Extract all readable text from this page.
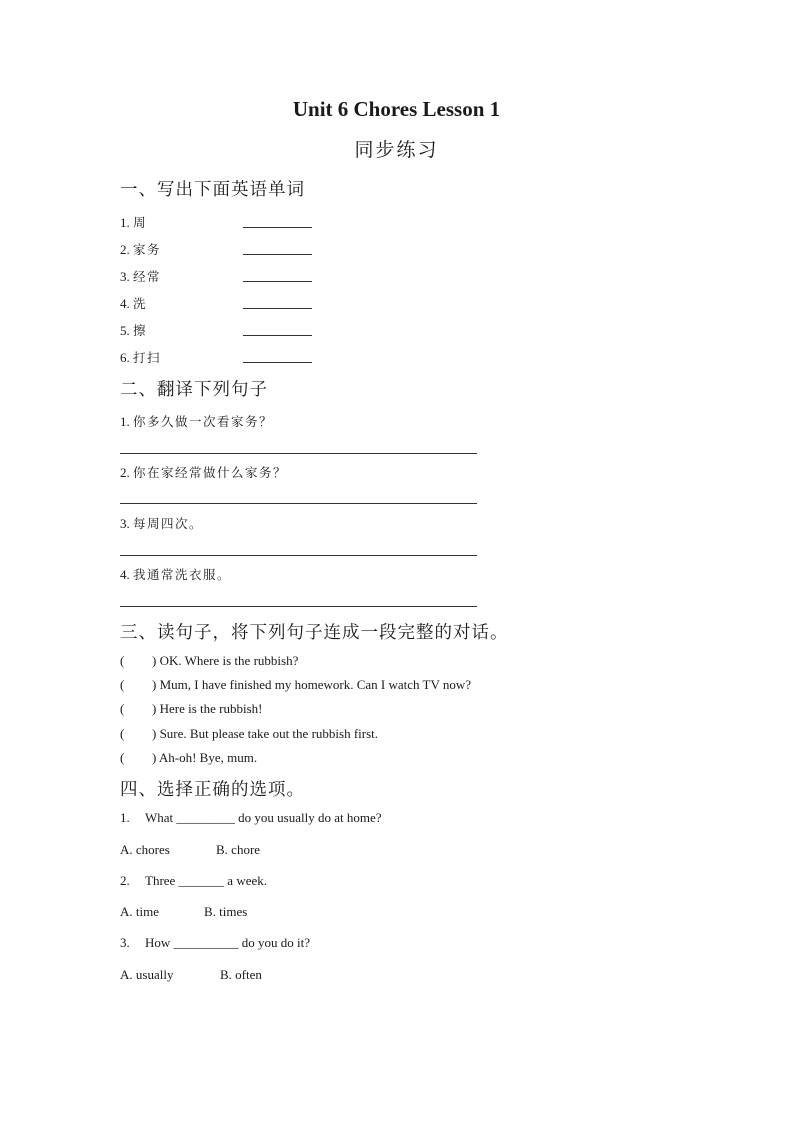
Unit 6 Chores Lesson 1
同步练习
一、写出下面英语单词
1. 周
2. 家务
3. 经常
4. 洗
5. 擦
6. 打扫
二、翻译下列句子
1. 你多久做一次看家务？
2. 你在家经常做什么家务？
3. 每周四次。
4. 我通常洗衣服。
三、读句子，将下列句子连成一段完整的对话。
( ) OK. Where is the rubbish?
( ) Mum, I have finished my homework. Can I watch TV now?
( ) Here is the rubbish!
( ) Sure. But please take out the rubbish first.
( ) Ah-oh! Bye, mum.
四、选择正确的选项。
1. What _________ do you usually do at home?
A. chores	B. chore
2. Three _______ a week.
A. time	B. times
3. How __________ do you do it?
A. usually	B. often
